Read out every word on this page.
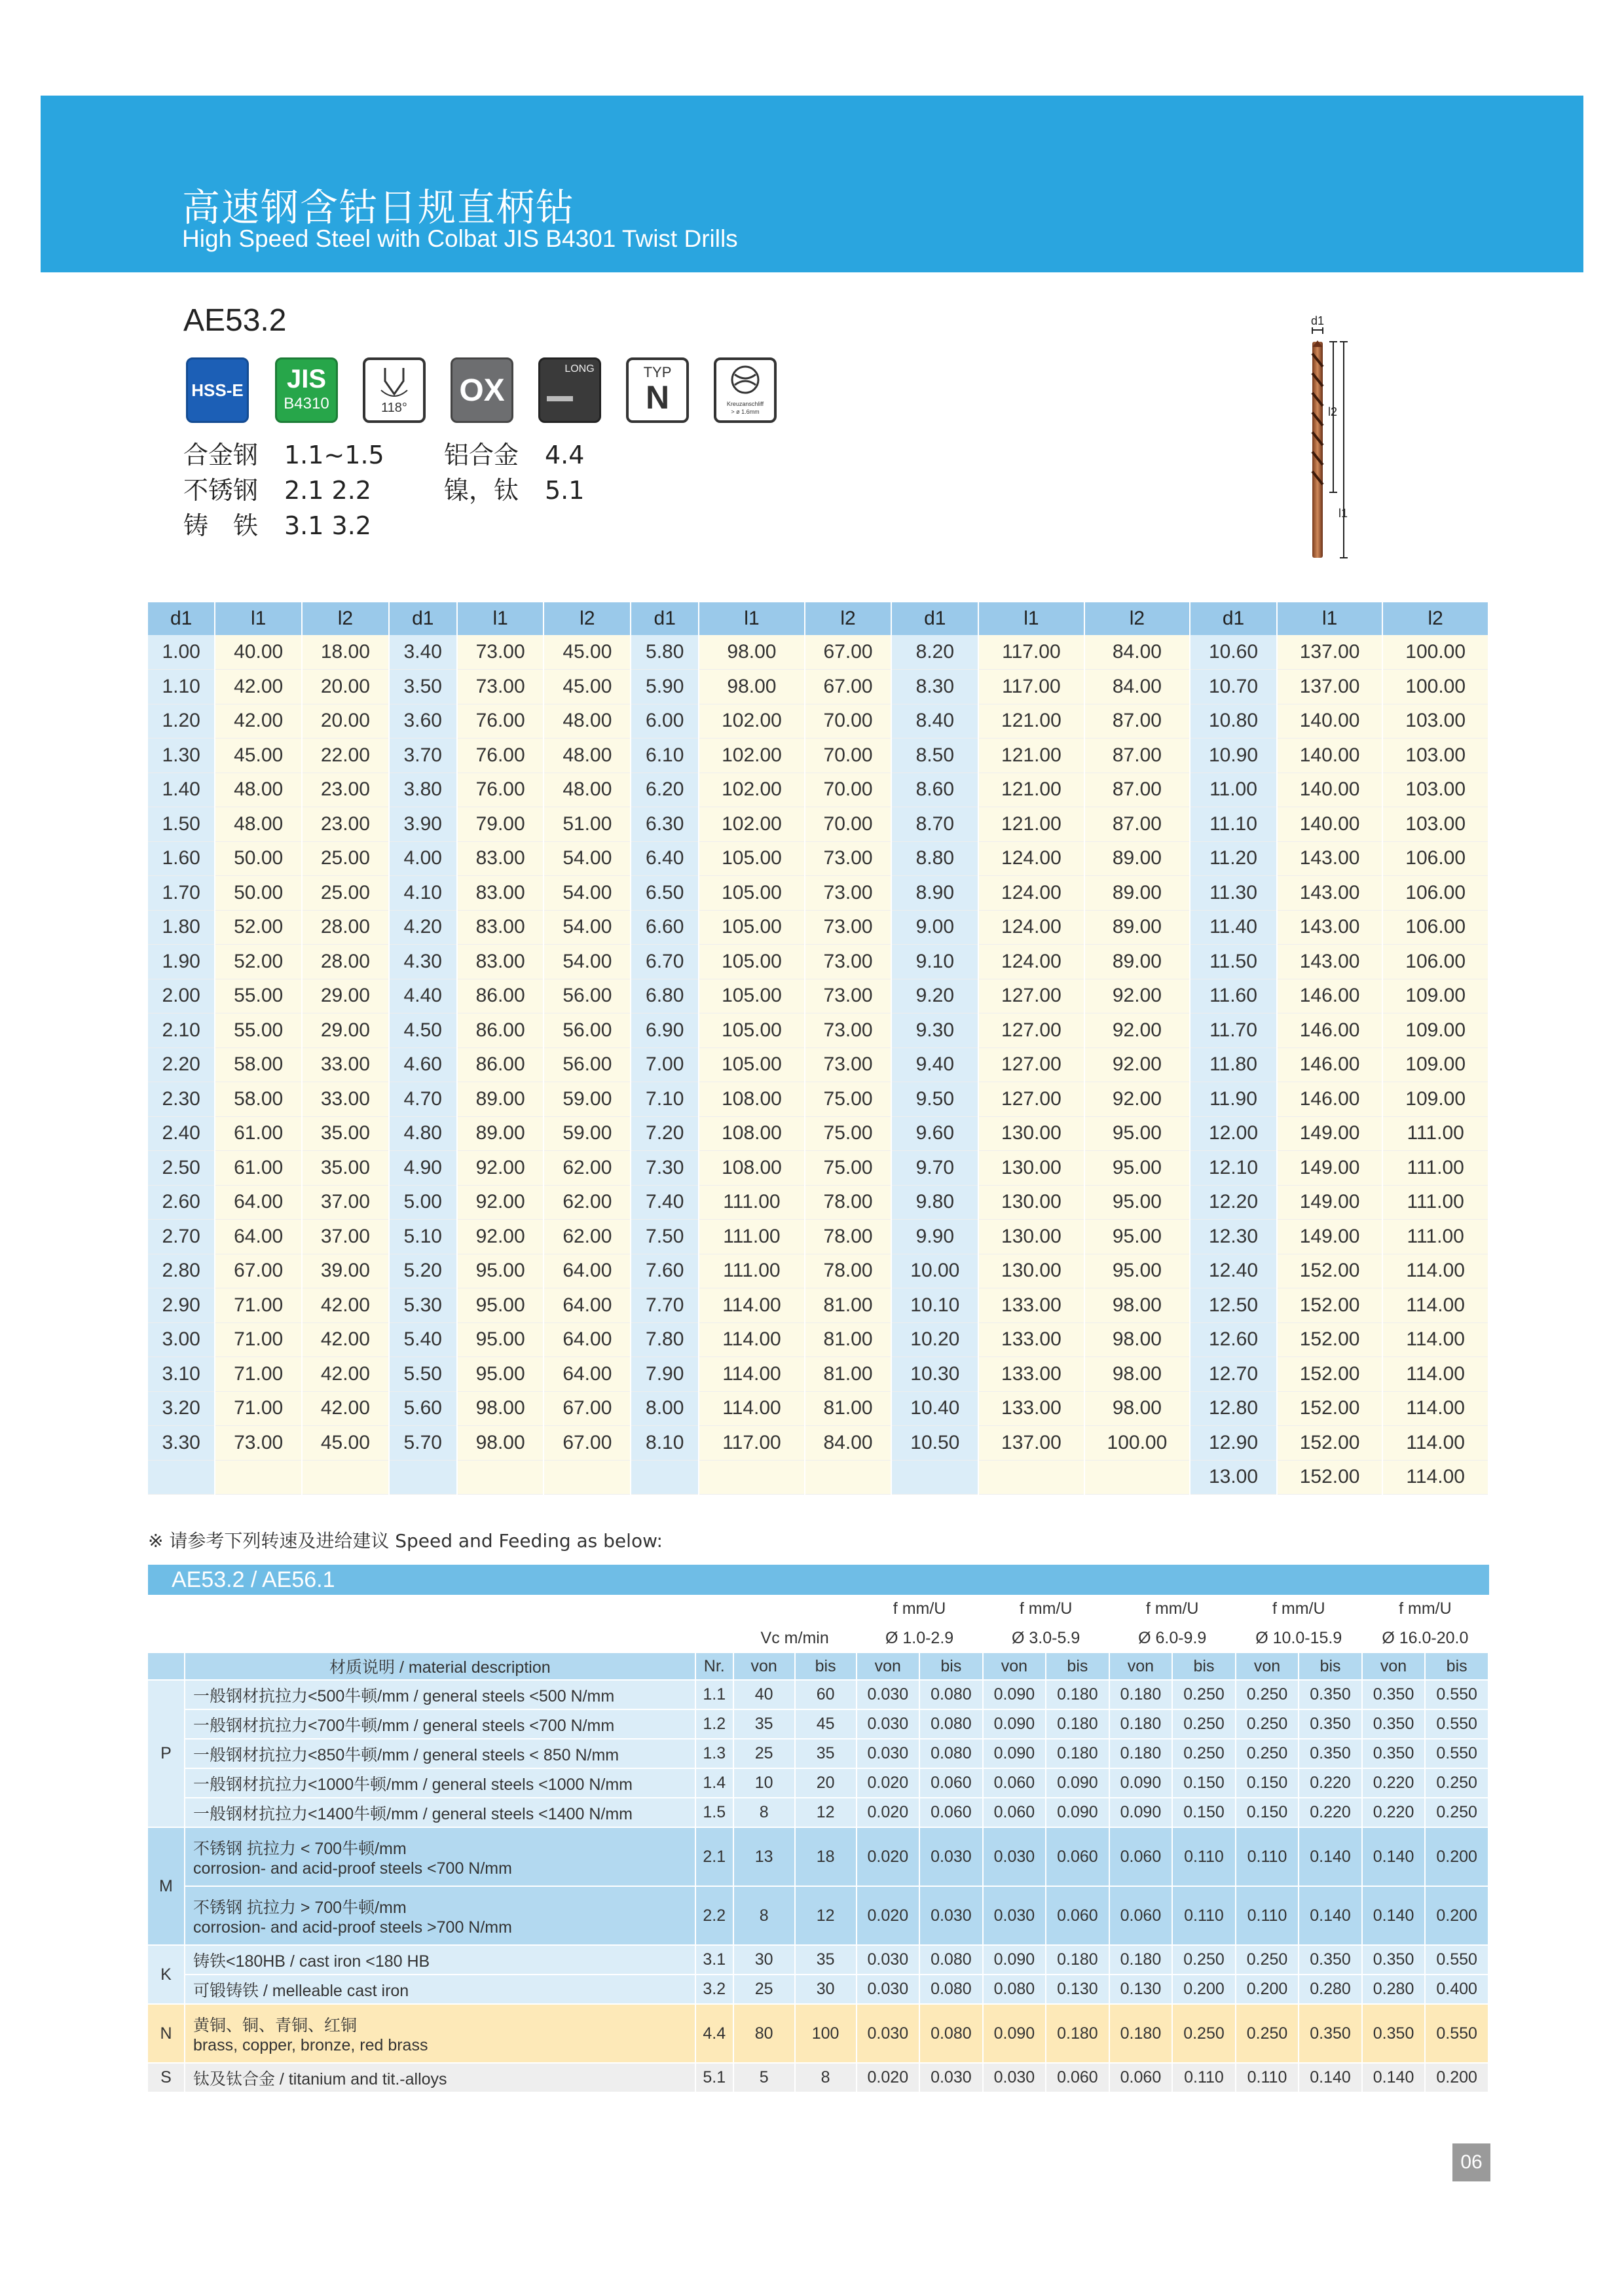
高速钢含钴日规直柄钻
High Speed Steel with Colbat JIS B4301 Twist Drills
AE53.2
HSS-E	JIS
B4310	118°	OX
LONG	TYP
N	Kreuzanschliff
> ø 1.6mm
合金钢 1.1~1.5
不锈钢 2.1 2.2
铸　铁 3.1 3.2
铝合金 4.4
镍，钛 5.1
d1
l2
l1
d1	l1	l2	d1	l1	l2	d1	l1	l2	d1	l1	l2	d1	l1	l2
1.00	40.00	18.00	3.40	73.00	45.00	5.80	98.00	67.00	8.20	117.00	84.00	10.60	137.00	100.00
1.10	42.00	20.00	3.50	73.00	45.00	5.90	98.00	67.00	8.30	117.00	84.00	10.70	137.00	100.00
1.20	42.00	20.00	3.60	76.00	48.00	6.00	102.00	70.00	8.40	121.00	87.00	10.80	140.00	103.00
1.30	45.00	22.00	3.70	76.00	48.00	6.10	102.00	70.00	8.50	121.00	87.00	10.90	140.00	103.00
1.40	48.00	23.00	3.80	76.00	48.00	6.20	102.00	70.00	8.60	121.00	87.00	11.00	140.00	103.00
1.50	48.00	23.00	3.90	79.00	51.00	6.30	102.00	70.00	8.70	121.00	87.00	11.10	140.00	103.00
1.60	50.00	25.00	4.00	83.00	54.00	6.40	105.00	73.00	8.80	124.00	89.00	11.20	143.00	106.00
1.70	50.00	25.00	4.10	83.00	54.00	6.50	105.00	73.00	8.90	124.00	89.00	11.30	143.00	106.00
1.80	52.00	28.00	4.20	83.00	54.00	6.60	105.00	73.00	9.00	124.00	89.00	11.40	143.00	106.00
1.90	52.00	28.00	4.30	83.00	54.00	6.70	105.00	73.00	9.10	124.00	89.00	11.50	143.00	106.00
2.00	55.00	29.00	4.40	86.00	56.00	6.80	105.00	73.00	9.20	127.00	92.00	11.60	146.00	109.00
2.10	55.00	29.00	4.50	86.00	56.00	6.90	105.00	73.00	9.30	127.00	92.00	11.70	146.00	109.00
2.20	58.00	33.00	4.60	86.00	56.00	7.00	105.00	73.00	9.40	127.00	92.00	11.80	146.00	109.00
2.30	58.00	33.00	4.70	89.00	59.00	7.10	108.00	75.00	9.50	127.00	92.00	11.90	146.00	109.00
2.40	61.00	35.00	4.80	89.00	59.00	7.20	108.00	75.00	9.60	130.00	95.00	12.00	149.00	111.00
2.50	61.00	35.00	4.90	92.00	62.00	7.30	108.00	75.00	9.70	130.00	95.00	12.10	149.00	111.00
2.60	64.00	37.00	5.00	92.00	62.00	7.40	111.00	78.00	9.80	130.00	95.00	12.20	149.00	111.00
2.70	64.00	37.00	5.10	92.00	62.00	7.50	111.00	78.00	9.90	130.00	95.00	12.30	149.00	111.00
2.80	67.00	39.00	5.20	95.00	64.00	7.60	111.00	78.00	10.00	130.00	95.00	12.40	152.00	114.00
2.90	71.00	42.00	5.30	95.00	64.00	7.70	114.00	81.00	10.10	133.00	98.00	12.50	152.00	114.00
3.00	71.00	42.00	5.40	95.00	64.00	7.80	114.00	81.00	10.20	133.00	98.00	12.60	152.00	114.00
3.10	71.00	42.00	5.50	95.00	64.00	7.90	114.00	81.00	10.30	133.00	98.00	12.70	152.00	114.00
3.20	71.00	42.00	5.60	98.00	67.00	8.00	114.00	81.00	10.40	133.00	98.00	12.80	152.00	114.00
3.30	73.00	45.00	5.70	98.00	67.00	8.10	117.00	84.00	10.50	137.00	100.00	12.90	152.00	114.00
												13.00	152.00	114.00
※ 请参考下列转速及进给建议 Speed and Feeding as below:
AE53.2 / AE56.1
					f mm/U		f mm/U		f mm/U		f mm/U		f mm/U	
			Vc m/min		Ø 1.0-2.9		Ø 3.0-5.9		Ø 6.0-9.9		Ø 10.0-15.9		Ø 16.0-20.0	
	材质说明 / material description	Nr.	von	bis	von	bis	von	bis	von	bis	von	bis	von	bis
P	一般钢材抗拉力<500牛顿/mm / general steels <500 N/mm	1.1	40	60	0.030	0.080	0.090	0.180	0.180	0.250	0.250	0.350	0.350	0.550

	一般钢材抗拉力<700牛顿/mm / general steels <700 N/mm	1.2	35	45	0.030	0.080	0.090	0.180	0.180	0.250	0.250	0.350	0.350	0.550

	一般钢材抗拉力<850牛顿/mm / general steels < 850 N/mm	1.3	25	35	0.030	0.080	0.090	0.180	0.180	0.250	0.250	0.350	0.350	0.550

	一般钢材抗拉力<1000牛顿/mm / general steels <1000 N/mm	1.4	10	20	0.020	0.060	0.060	0.090	0.090	0.150	0.150	0.220	0.220	0.250

	一般钢材抗拉力<1400牛顿/mm / general steels <1400 N/mm	1.5	8	12	0.020	0.060	0.060	0.090	0.090	0.150	0.150	0.220	0.220	0.250
M	不锈钢 抗拉力 < 700牛顿/mm
corrosion- and acid-proof steels <700 N/mm	2.1	13	18	0.020	0.030	0.030	0.060	0.060	0.110	0.110	0.140	0.140	0.200

	不锈钢 抗拉力 > 700牛顿/mm
corrosion- and acid-proof steels >700 N/mm	2.2	8	12	0.020	0.030	0.030	0.060	0.060	0.110	0.110	0.140	0.140	0.200
K	铸铁<180HB / cast iron <180 HB	3.1	30	35	0.030	0.080	0.090	0.180	0.180	0.250	0.250	0.350	0.350	0.550

	可锻铸铁 / melleable cast iron	3.2	25	30	0.030	0.080	0.080	0.130	0.130	0.200	0.200	0.280	0.280	0.400
N	黄铜、铜、青铜、红铜
brass, copper, bronze, red brass	4.4	80	100	0.030	0.080	0.090	0.180	0.180	0.250	0.250	0.350	0.350	0.550
S	钛及钛合金 / titanium and tit.-alloys	5.1	5	8	0.020	0.030	0.030	0.060	0.060	0.110	0.110	0.140	0.140	0.200
06
